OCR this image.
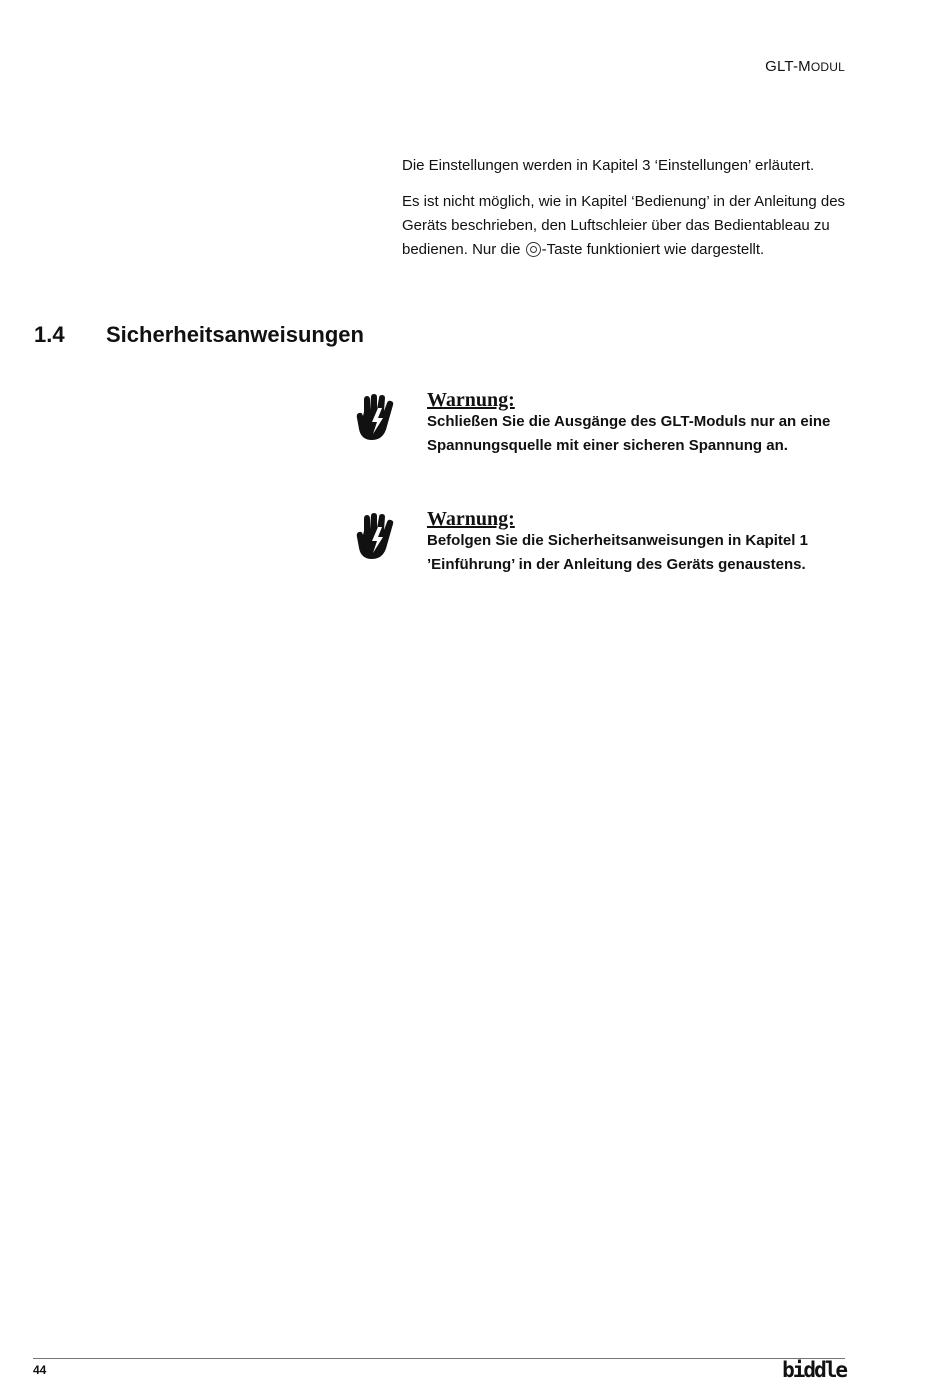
GLT-MODUL

Die Einstellungen werden in Kapitel 3 ‘Einstellungen’ erläutert.

Es ist nicht möglich, wie in Kapitel ‘Bedienung’ in der Anleitung des Geräts beschrieben, den Luftschleier über das Bedientableau zu bedienen. Nur die -Taste funktioniert wie dargestellt.

1.4 Sicherheitsanweisungen
Warnung:

Schließen Sie die Ausgänge des GLT-Moduls nur an eine Spannungsquelle mit einer sicheren Spannung an.

Warnung:

Befolgen Sie die Sicherheitsanweisungen in Kapitel 1 ’Einführung’ in der Anleitung des Geräts genaustens.

44	biddle
